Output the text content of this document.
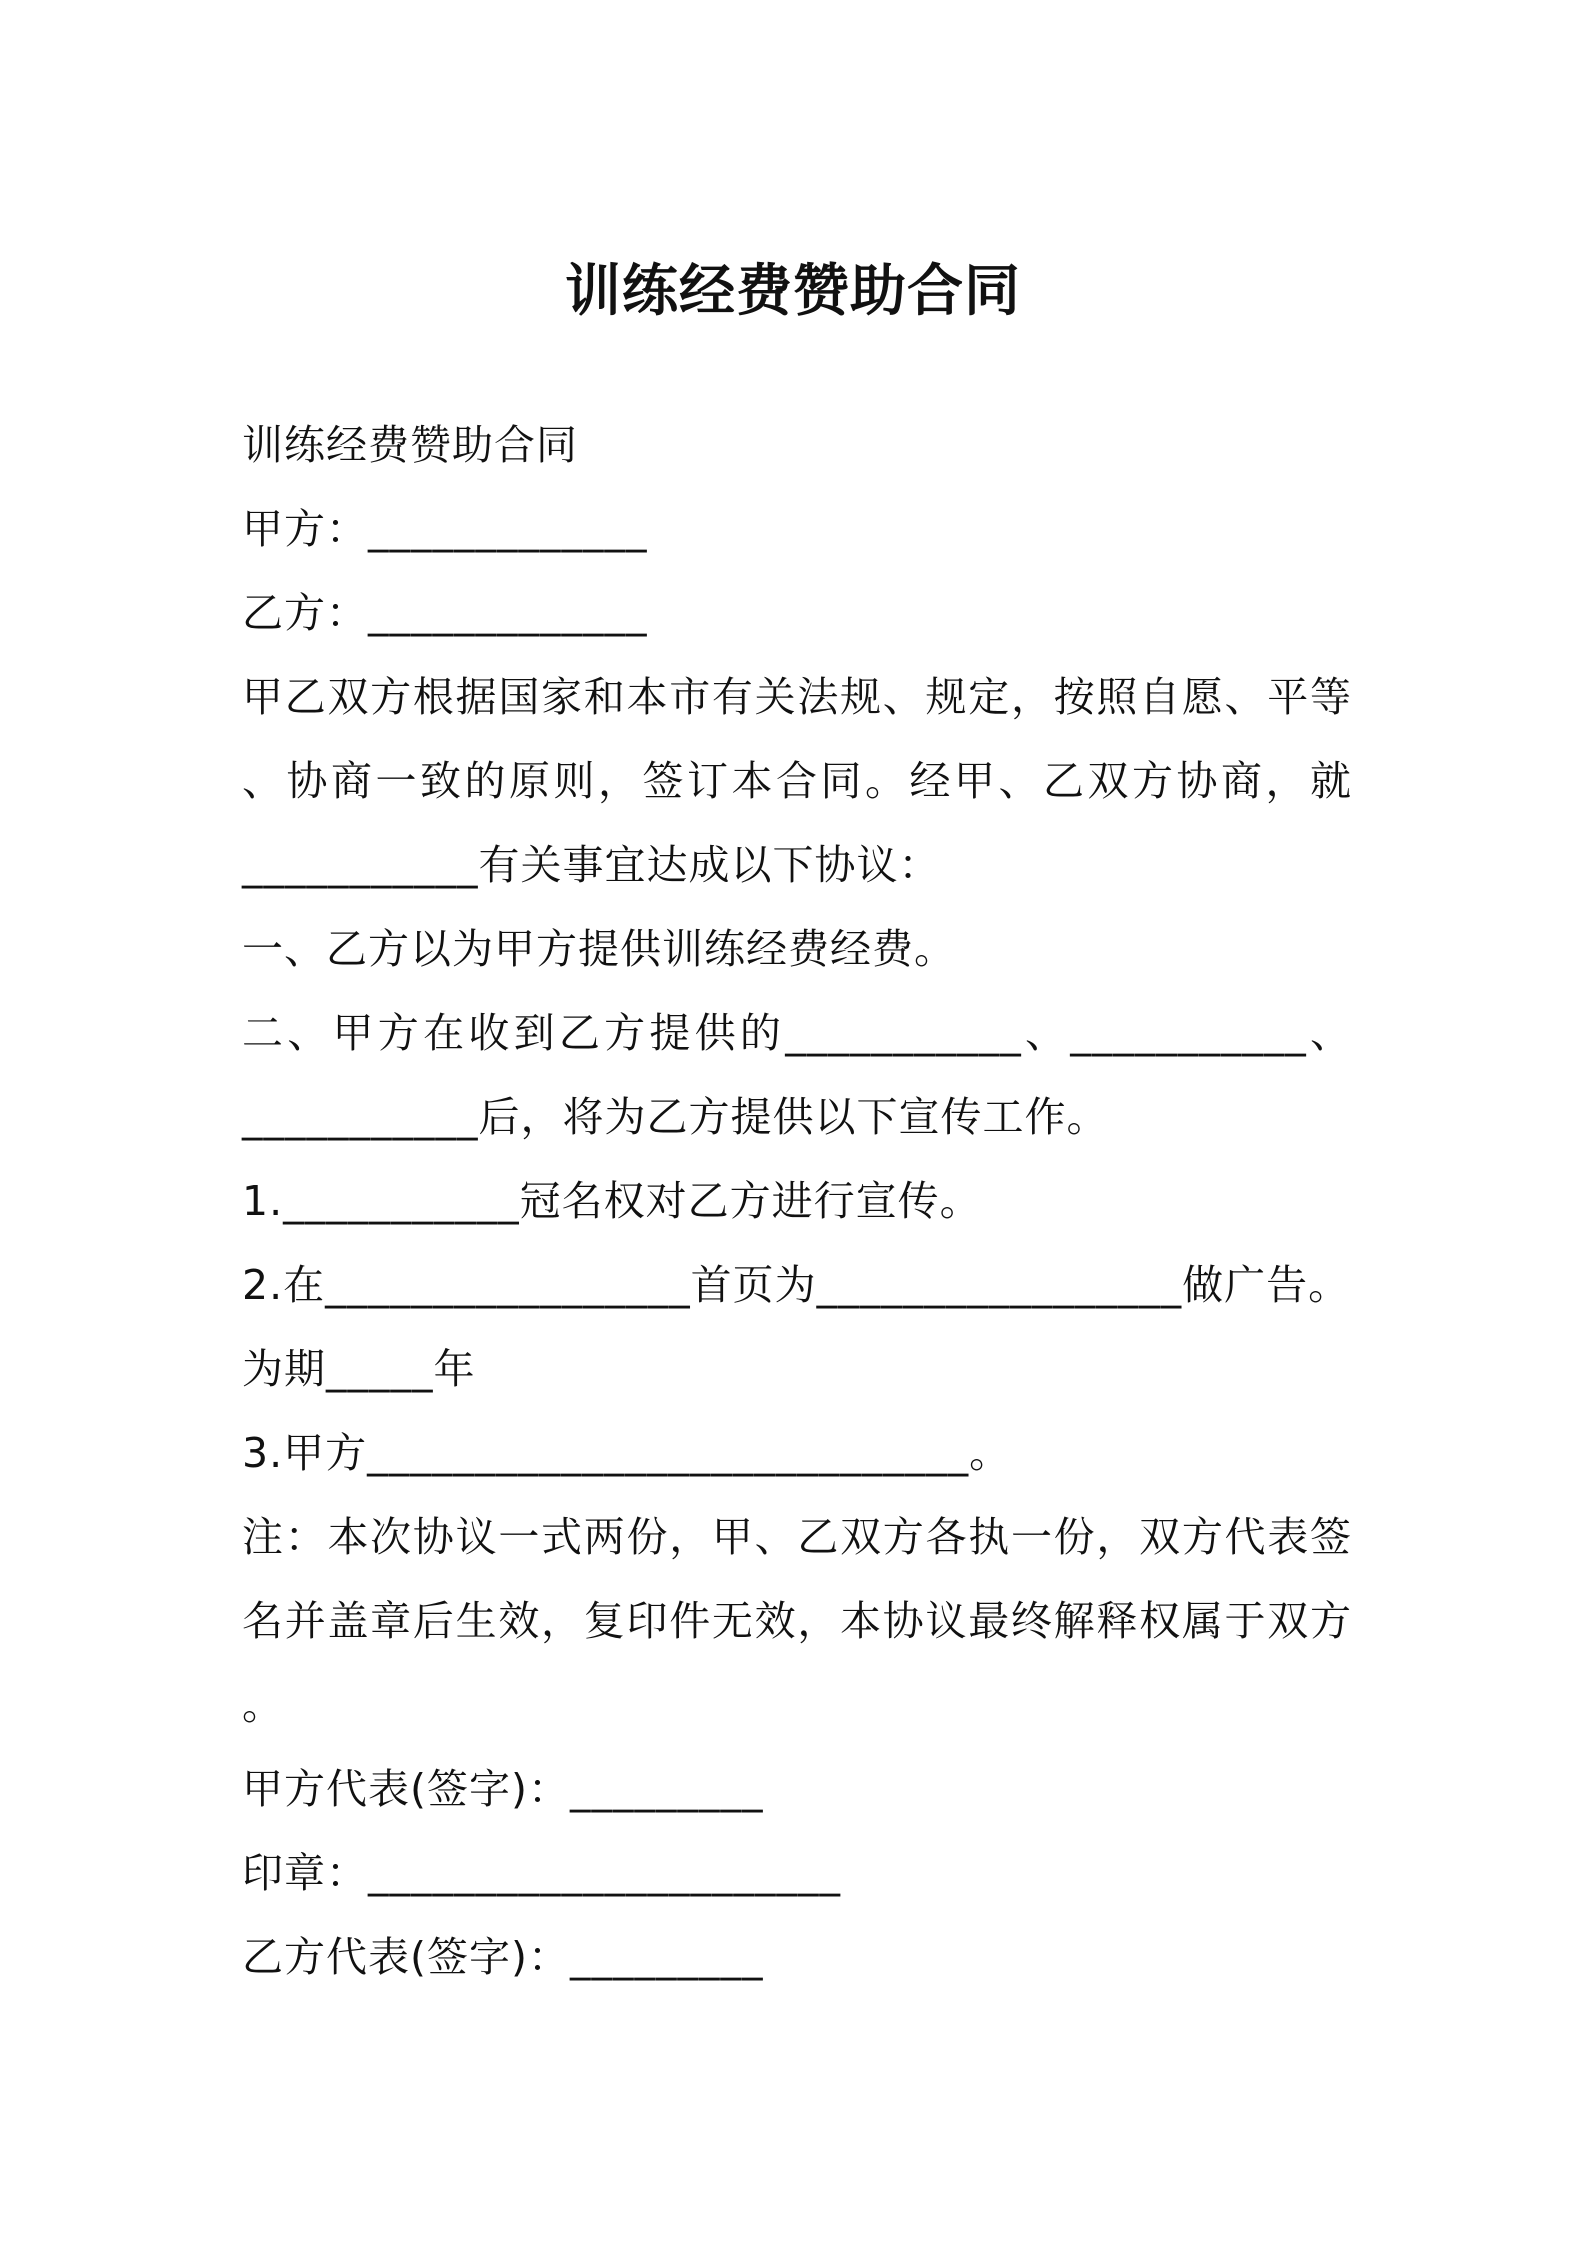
训练经费赞助合同
训练经费赞助合同
甲方：_____________
乙方：_____________
甲乙双方根据国家和本市有关法规、规定，按照自愿、平等
、协商一致的原则，签订本合同。经甲、乙双方协商，就
___________有关事宜达成以下协议：
一、乙方以为甲方提供训练经费经费。
二、甲方在收到乙方提供的___________、___________、
___________后，将为乙方提供以下宣传工作。
1.___________冠名权对乙方进行宣传。
2.在_________________首页为_________________做广告。
为期_____年
3.甲方____________________________。
注：本次协议一式两份，甲、乙双方各执一份，双方代表签
名并盖章后生效，复印件无效，本协议最终解释权属于双方
。
甲方代表(签字)：_________
印章：______________________
乙方代表(签字)：_________
